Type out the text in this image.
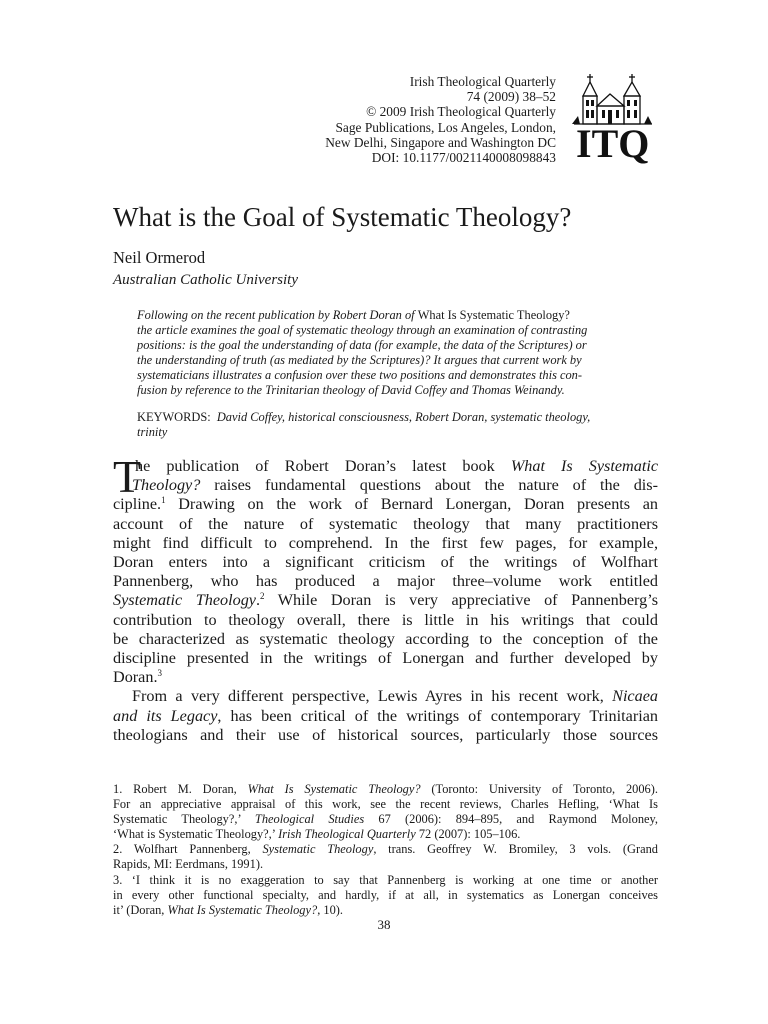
Irish Theological Quarterly
74 (2009) 38–52
© 2009 Irish Theological Quarterly
Sage Publications, Los Angeles, London,
New Delhi, Singapore and Washington DC
DOI: 10.1177/0021140008098843 ITQ
What is the Goal of Systematic Theology?
Neil Ormerod
Australian Catholic University
Following on the recent publication by Robert Doran of What Is Systematic Theology?
the article examines the goal of systematic theology through an examination of contrasting
positions: is the goal the understanding of data (for example, the data of the Scriptures) or
the understanding of truth (as mediated by the Scriptures)? It argues that current work by
systematicians illustrates a confusion over these two positions and demonstrates this con-
fusion by reference to the Trinitarian theology of David Coffey and Thomas Weinandy.
KEYWORDS: David Coffey, historical consciousness, Robert Doran, systematic theology,
trinity
T
he publication of Robert Doran’s latest book What Is Systematic
Theology? raises fundamental questions about the nature of the dis-
cipline.$^1$ Drawing on the work of Bernard Lonergan, Doran presents an
account of the nature of systematic theology that many practitioners
might find difficult to comprehend. In the first few pages, for example,
Doran enters into a significant criticism of the writings of Wolfhart
Pannenberg, who has produced a major three–volume work entitled
Systematic Theology.$^2$ While Doran is very appreciative of Pannenberg’s
contribution to theology overall, there is little in his writings that could
be characterized as systematic theology according to the conception of the
discipline presented in the writings of Lonergan and further developed by
Doran.$^3$
From a very different perspective, Lewis Ayres in his recent work, Nicaea
and its Legacy, has been critical of the writings of contemporary Trinitarian
theologians and their use of historical sources, particularly those sources
1. Robert M. Doran, What Is Systematic Theology? (Toronto: University of Toronto, 2006).
For an appreciative appraisal of this work, see the recent reviews, Charles Hefling, ‘What Is
Systematic Theology?,’ Theological Studies 67 (2006): 894–895, and Raymond Moloney,
‘What is Systematic Theology?,’ Irish Theological Quarterly 72 (2007): 105–106.
2. Wolfhart Pannenberg, Systematic Theology, trans. Geoffrey W. Bromiley, 3 vols. (Grand
Rapids, MI: Eerdmans, 1991).
3. ‘I think it is no exaggeration to say that Pannenberg is working at one time or another
in every other functional specialty, and hardly, if at all, in systematics as Lonergan conceives
it’ (Doran, What Is Systematic Theology?, 10).
38
